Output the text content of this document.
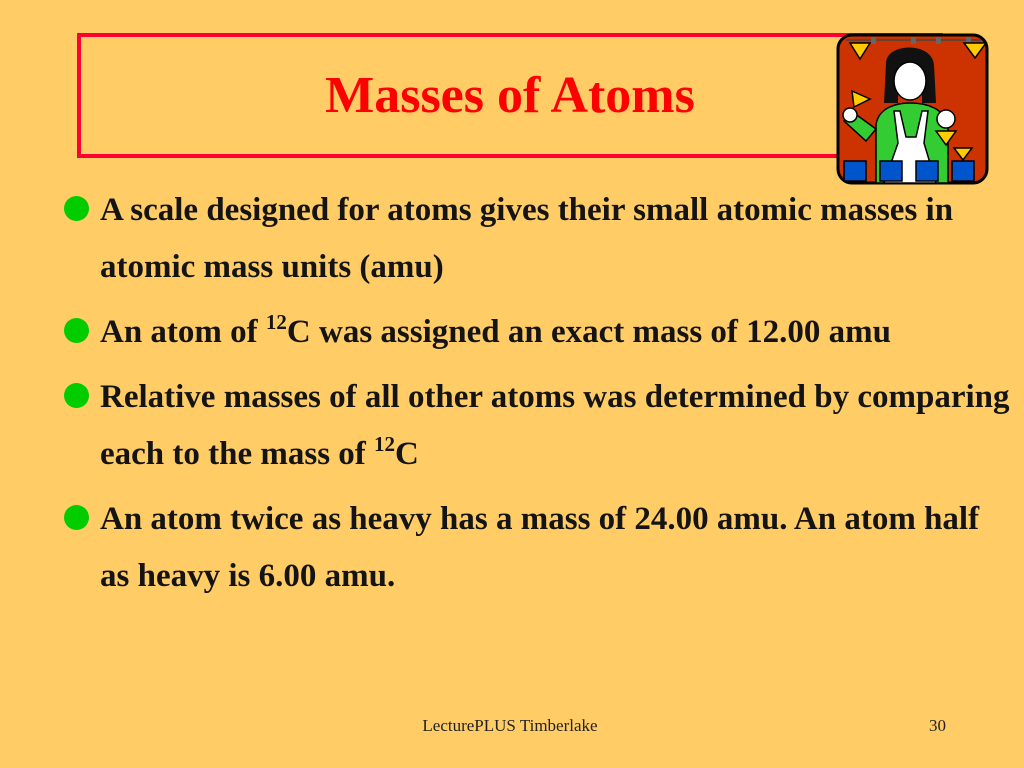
Masses of Atoms
A scale designed for atoms gives their small atomic masses in atomic mass units (amu)
An atom of $^{12}$C was assigned an exact mass of 12.00 amu
Relative masses of all other atoms was determined by comparing each to the mass of $^{12}$C
An atom twice as heavy has a mass of 24.00 amu. An atom half as heavy is 6.00 amu.
LecturePLUS Timberlake	30
